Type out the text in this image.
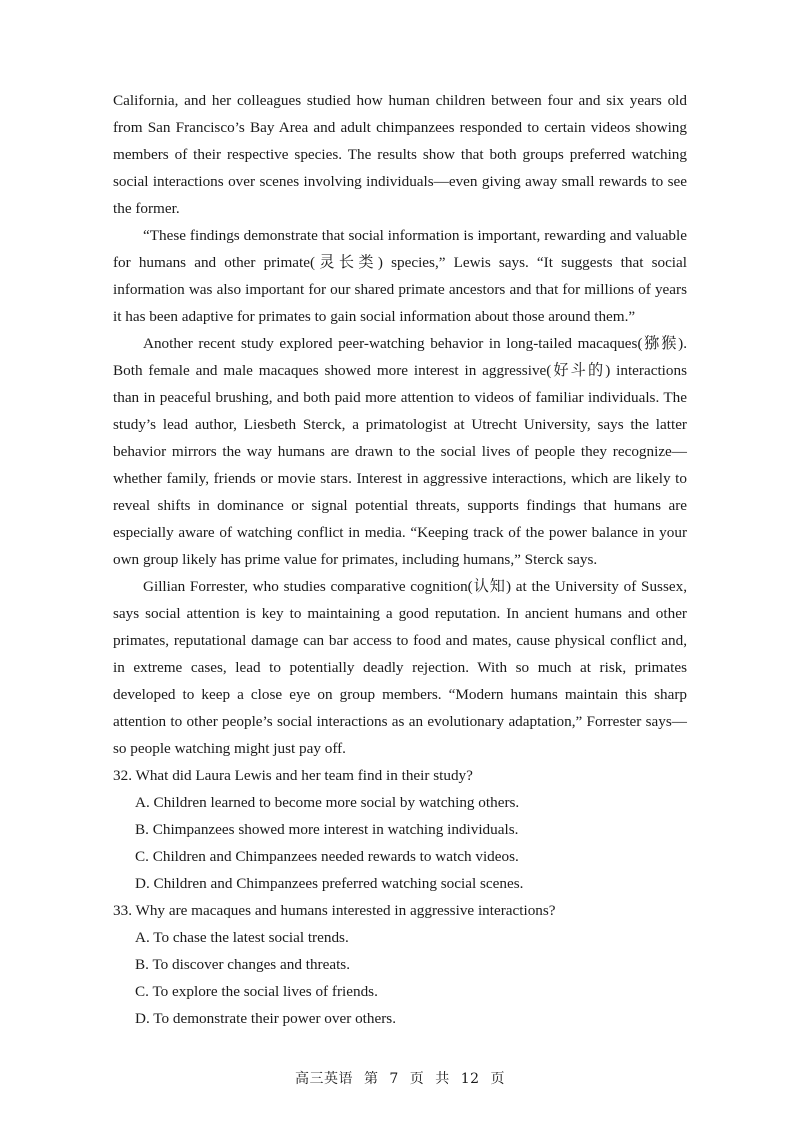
California, and her colleagues studied how human children between four and six years old from San Francisco’s Bay Area and adult chimpanzees responded to certain videos showing members of their respective species. The results show that both groups preferred watching social interactions over scenes involving individuals—even giving away small rewards to see the former.

“These findings demonstrate that social information is important, rewarding and valuable for humans and other primate(灵长类) species,” Lewis says. “It suggests that social information was also important for our shared primate ancestors and that for millions of years it has been adaptive for primates to gain social information about those around them.”

Another recent study explored peer-watching behavior in long-tailed macaques(猕猴). Both female and male macaques showed more interest in aggressive(好斗的) interactions than in peaceful brushing, and both paid more attention to videos of familiar individuals. The study’s lead author, Liesbeth Sterck, a primatologist at Utrecht University, says the latter behavior mirrors the way humans are drawn to the social lives of people they recognize—whether family, friends or movie stars. Interest in aggressive interactions, which are likely to reveal shifts in dominance or signal potential threats, supports findings that humans are especially aware of watching conflict in media. “Keeping track of the power balance in your own group likely has prime value for primates, including humans,” Sterck says.

Gillian Forrester, who studies comparative cognition(认知) at the University of Sussex, says social attention is key to maintaining a good reputation. In ancient humans and other primates, reputational damage can bar access to food and mates, cause physical conflict and, in extreme cases, lead to potentially deadly rejection. With so much at risk, primates developed to keep a close eye on group members. “Modern humans maintain this sharp attention to other people’s social interactions as an evolutionary adaptation,” Forrester says—so people watching might just pay off.

32. What did Laura Lewis and her team find in their study?
A. Children learned to become more social by watching others.
B. Chimpanzees showed more interest in watching individuals.
C. Children and Chimpanzees needed rewards to watch videos.
D. Children and Chimpanzees preferred watching social scenes.
33. Why are macaques and humans interested in aggressive interactions?
A. To chase the latest social trends.
B. To discover changes and threats.
C. To explore the social lives of friends.
D. To demonstrate their power over others.
高三英语 第 7 页 共 12 页
